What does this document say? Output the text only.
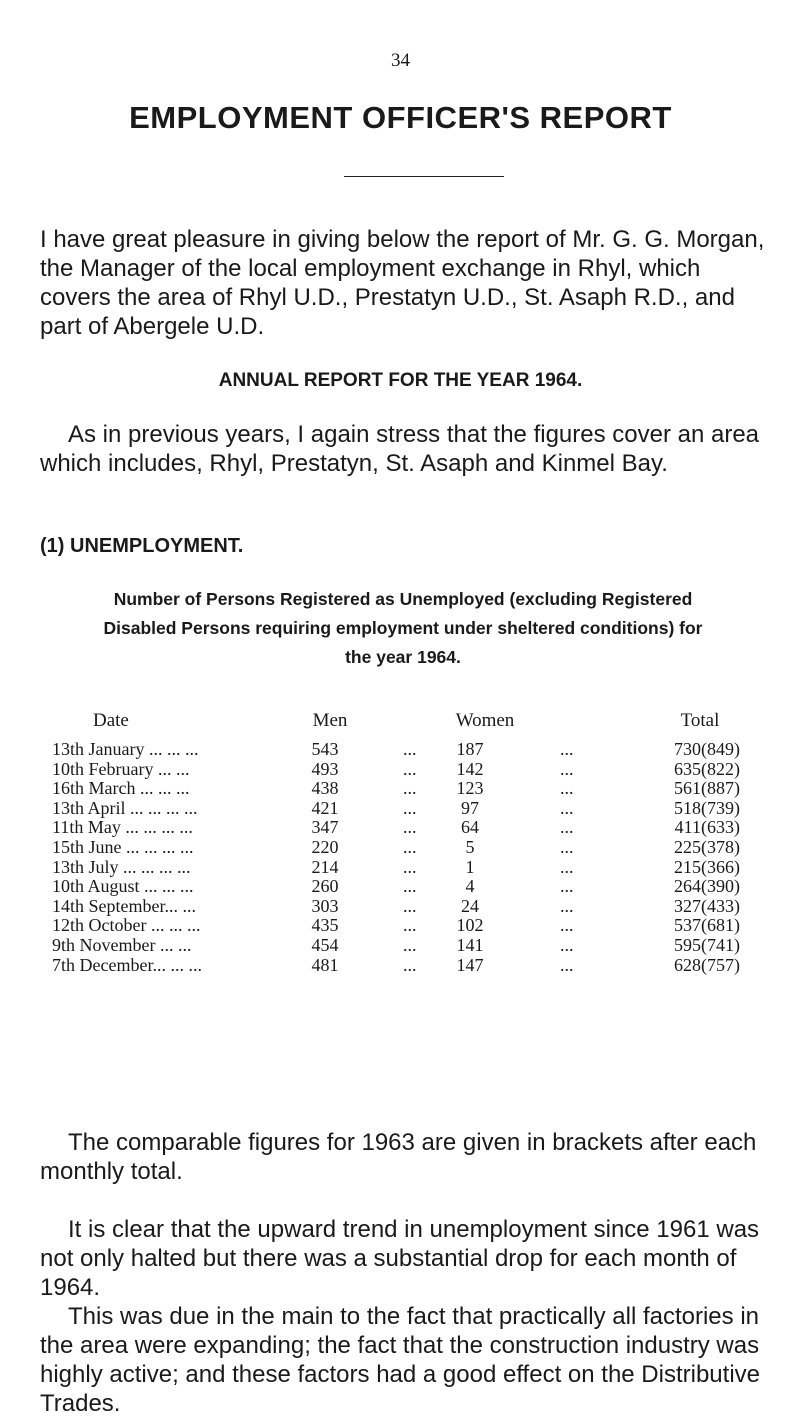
34
EMPLOYMENT OFFICER'S REPORT

I have great pleasure in giving below the report of Mr. G. G. Morgan, the Manager of the local employment exchange in Rhyl, which covers the area of Rhyl U.D., Prestatyn U.D., St. Asaph R.D., and part of Abergele U.D.

ANNUAL REPORT FOR THE YEAR 1964.

As in previous years, I again stress that the figures cover an area which includes, Rhyl, Prestatyn, St. Asaph and Kinmel Bay.

(1) UNEMPLOYMENT.
Number of Persons Registered as Unemployed (excluding Registered
Disabled Persons requiring employment under sheltered conditions) for
the year 1964.
Date	Men	Women	Total
13th January ... ... ...	543	...	187	...	730(849)
10th February ... ...	493	...	142	...	635(822)
16th March ... ... ...	438	...	123	...	561(887)
13th April ... ... ... ...	421	...	97	...	518(739)
11th May ... ... ... ...	347	...	64	...	411(633)
15th June ... ... ... ...	220	...	5	...	225(378)
13th July ... ... ... ...	214	...	1	...	215(366)
10th August ... ... ...	260	...	4	...	264(390)
14th September... ...	303	...	24	...	327(433)
12th October ... ... ...	435	...	102	...	537(681)
9th November ... ...	454	...	141	...	595(741)
7th December... ... ...	481	...	147	...	628(757)

The comparable figures for 1963 are given in brackets after each monthly total.

It is clear that the upward trend in unemployment since 1961 was not only halted but there was a substantial drop for each month of 1964.

This was due in the main to the fact that practically all factories in the area were expanding; the fact that the construction industry was highly active; and these factors had a good effect on the Distributive Trades.
